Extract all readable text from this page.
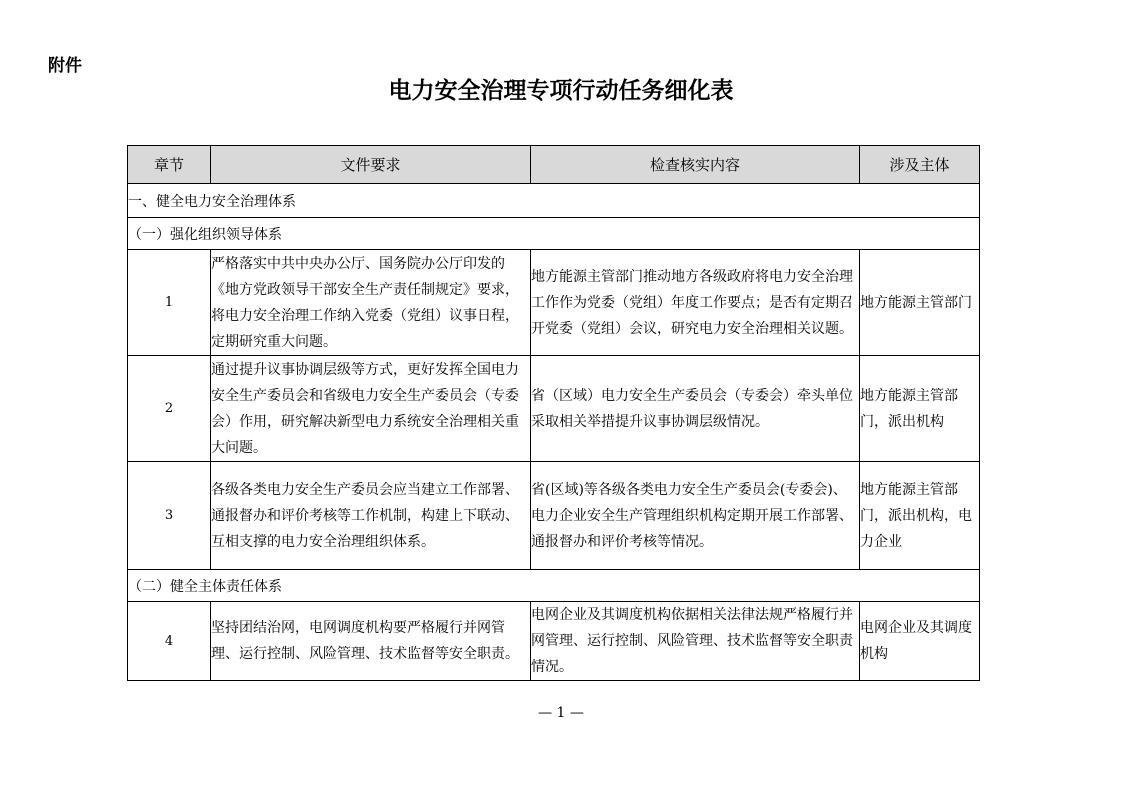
附件
电力安全治理专项行动任务细化表
章节	文件要求	检查核实内容	涉及主体
一、健全电力安全治理体系			
（一）强化组织领导体系			
1	严格落实中共中央办公厅、国务院办公厅印发的《地方党政领导干部安全生产责任制规定》要求，将电力安全治理工作纳入党委（党组）议事日程，定期研究重大问题。	地方能源主管部门推动地方各级政府将电力安全治理工作作为党委（党组）年度工作要点；是否有定期召开党委（党组）会议，研究电力安全治理相关议题。	地方能源主管部门
2	通过提升议事协调层级等方式，更好发挥全国电力安全生产委员会和省级电力安全生产委员会（专委会）作用，研究解决新型电力系统安全治理相关重大问题。	省（区域）电力安全生产委员会（专委会）牵头单位采取相关举措提升议事协调层级情况。	地方能源主管部门，派出机构
3	各级各类电力安全生产委员会应当建立工作部署、通报督办和评价考核等工作机制，构建上下联动、互相支撑的电力安全治理组织体系。	省(区域)等各级各类电力安全生产委员会(专委会)、电力企业安全生产管理组织机构定期开展工作部署、通报督办和评价考核等情况。	地方能源主管部门，派出机构，电力企业
（二）健全主体责任体系			
4	坚持团结治网，电网调度机构要严格履行并网管理、运行控制、风险管理、技术监督等安全职责。	电网企业及其调度机构依据相关法律法规严格履行并网管理、运行控制、风险管理、技术监督等安全职责情况。	电网企业及其调度机构
— 1 —
